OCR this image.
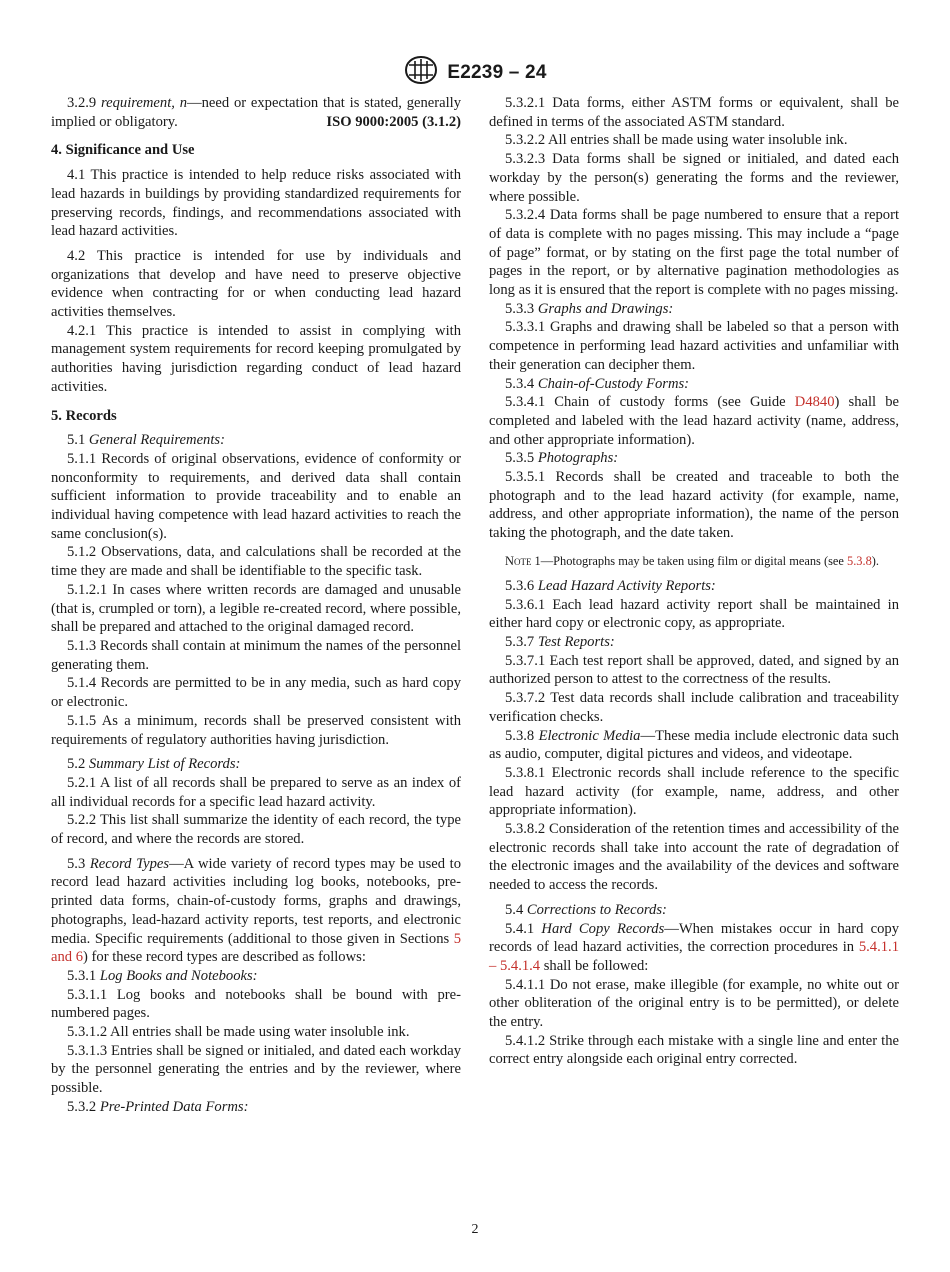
E2239 – 24

3.2.9 requirement, n—need or expectation that is stated, generally implied or obligatory.	ISO 9000:2005 (3.1.2)

4. Significance and Use

4.1 This practice is intended to help reduce risks associated with lead hazards in buildings by providing standardized requirements for preserving records, findings, and recommendations associated with lead hazard activities.

4.2 This practice is intended for use by individuals and organizations that develop and have need to preserve objective evidence when contracting for or when conducting lead hazard activities themselves.

4.2.1 This practice is intended to assist in complying with management system requirements for record keeping promulgated by authorities having jurisdiction regarding conduct of lead hazard activities.

5. Records

5.1 General Requirements:

5.1.1 Records of original observations, evidence of conformity or nonconformity to requirements, and derived data shall contain sufficient information to provide traceability and to enable an individual having competence with lead hazard activities to reach the same conclusion(s).

5.1.2 Observations, data, and calculations shall be recorded at the time they are made and shall be identifiable to the specific task.

5.1.2.1 In cases where written records are damaged and unusable (that is, crumpled or torn), a legible re-created record, where possible, shall be prepared and attached to the original damaged record.

5.1.3 Records shall contain at minimum the names of the personnel generating them.

5.1.4 Records are permitted to be in any media, such as hard copy or electronic.

5.1.5 As a minimum, records shall be preserved consistent with requirements of regulatory authorities having jurisdiction.

5.2 Summary List of Records:

5.2.1 A list of all records shall be prepared to serve as an index of all individual records for a specific lead hazard activity.

5.2.2 This list shall summarize the identity of each record, the type of record, and where the records are stored.

5.3 Record Types—A wide variety of record types may be used to record lead hazard activities including log books, notebooks, pre-printed data forms, chain-of-custody forms, graphs and drawings, photographs, lead-hazard activity reports, test reports, and electronic media. Specific requirements (additional to those given in Sections 5 and 6) for these record types are described as follows:

5.3.1 Log Books and Notebooks:

5.3.1.1 Log books and notebooks shall be bound with pre-numbered pages.

5.3.1.2 All entries shall be made using water insoluble ink.

5.3.1.3 Entries shall be signed or initialed, and dated each workday by the personnel generating the entries and by the reviewer, where possible.

5.3.2 Pre-Printed Data Forms:

5.3.2.1 Data forms, either ASTM forms or equivalent, shall be defined in terms of the associated ASTM standard.

5.3.2.2 All entries shall be made using water insoluble ink.

5.3.2.3 Data forms shall be signed or initialed, and dated each workday by the person(s) generating the forms and the reviewer, where possible.

5.3.2.4 Data forms shall be page numbered to ensure that a report of data is complete with no pages missing. This may include a “page of page” format, or by stating on the first page the total number of pages in the report, or by alternative pagination methodologies as long as it is ensured that the report is complete with no pages missing.

5.3.3 Graphs and Drawings:

5.3.3.1 Graphs and drawing shall be labeled so that a person with competence in performing lead hazard activities and unfamiliar with their generation can decipher them.

5.3.4 Chain-of-Custody Forms:

5.3.4.1 Chain of custody forms (see Guide D4840) shall be completed and labeled with the lead hazard activity (name, address, and other appropriate information).

5.3.5 Photographs:

5.3.5.1 Records shall be created and traceable to both the photograph and to the lead hazard activity (for example, name, address, and other appropriate information), the name of the person taking the photograph, and the date taken.

Note 1—Photographs may be taken using film or digital means (see 5.3.8).

5.3.6 Lead Hazard Activity Reports:

5.3.6.1 Each lead hazard activity report shall be maintained in either hard copy or electronic copy, as appropriate.

5.3.7 Test Reports:

5.3.7.1 Each test report shall be approved, dated, and signed by an authorized person to attest to the correctness of the results.

5.3.7.2 Test data records shall include calibration and traceability verification checks.

5.3.8 Electronic Media—These media include electronic data such as audio, computer, digital pictures and videos, and videotape.

5.3.8.1 Electronic records shall include reference to the specific lead hazard activity (for example, name, address, and other appropriate information).

5.3.8.2 Consideration of the retention times and accessibility of the electronic records shall take into account the rate of degradation of the electronic images and the availability of the devices and software needed to access the records.

5.4 Corrections to Records:

5.4.1 Hard Copy Records—When mistakes occur in hard copy records of lead hazard activities, the correction procedures in 5.4.1.1 – 5.4.1.4 shall be followed:

5.4.1.1 Do not erase, make illegible (for example, no white out or other obliteration of the original entry is to be permitted), or delete the entry.

5.4.1.2 Strike through each mistake with a single line and enter the correct entry alongside each original entry corrected.

2
